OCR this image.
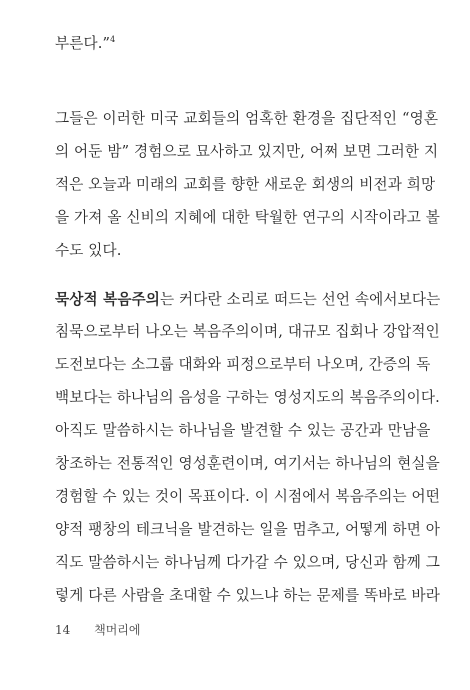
부른다.”$^4$
그들은 이러한 미국 교회들의 엄혹한 환경을 집단적인 “영혼
의 어둔 밤” 경험으로 묘사하고 있지만, 어쩌 보면 그러한 지
적은 오늘과 미래의 교회를 향한 새로운 회생의 비전과 희망
을 가져 올 신비의 지혜에 대한 탁월한 연구의 시작이라고 볼
수도 있다.
묵상적 복음주의는 커다란 소리로 떠드는 선언 속에서보다는
침묵으로부터 나오는 복음주의이며, 대규모 집회나 강압적인
도전보다는 소그룹 대화와 피정으로부터 나오며, 간증의 독
백보다는 하나님의 음성을 구하는 영성지도의 복음주의이다.
아직도 말씀하시는 하나님을 발견할 수 있는 공간과 만남을
창조하는 전통적인 영성훈련이며, 여기서는 하나님의 현실을
경험할 수 있는 것이 목표이다. 이 시점에서 복음주의는 어떤
양적 팽창의 테크닉을 발견하는 일을 멈추고, 어떻게 하면 아
직도 말씀하시는 하나님께 다가갈 수 있으며, 당신과 함께 그
렇게 다른 사람을 초대할 수 있느냐 하는 문제를 똑바로 바라
14 책머리에
